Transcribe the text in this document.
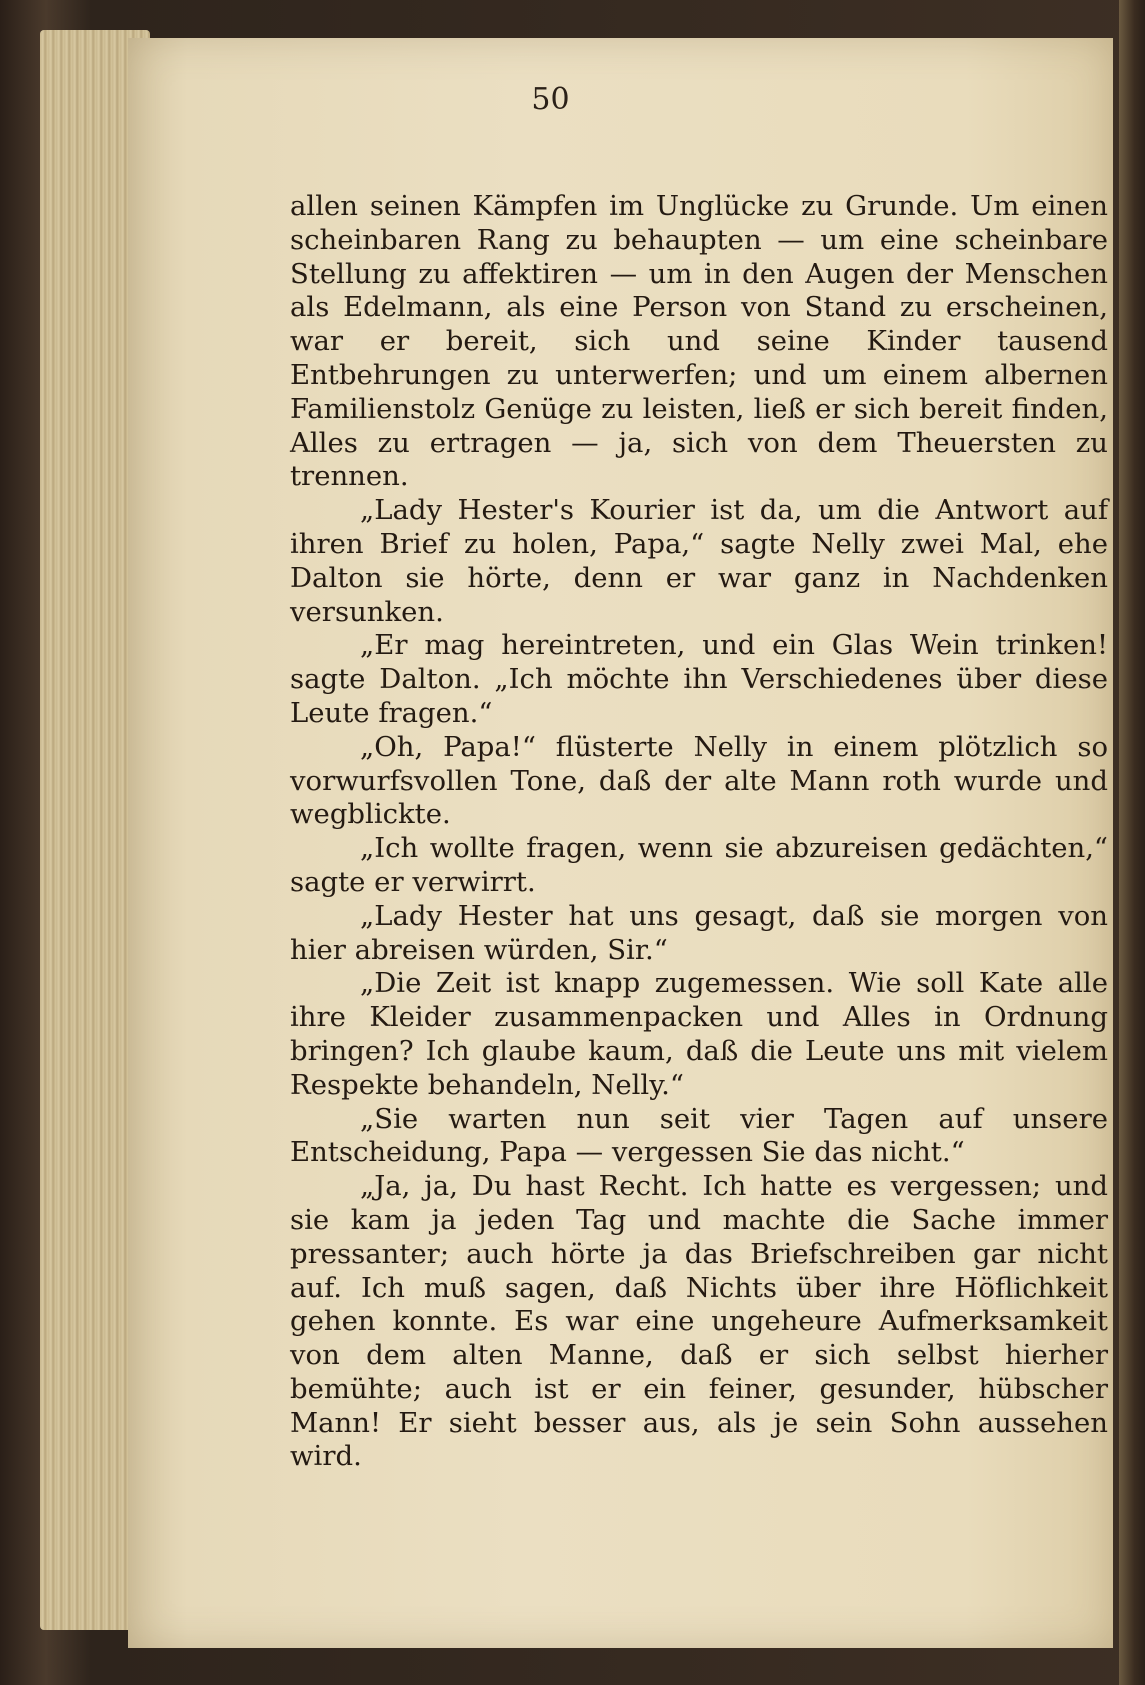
50

allen seinen Kämpfen im Unglücke zu Grunde. Um einen scheinbaren Rang zu behaupten — um eine scheinbare Stellung zu affektiren — um in den Augen der Menschen als Edelmann, als eine Person von Stand zu erscheinen, war er bereit, sich und seine Kinder tausend Entbehrungen zu unterwerfen; und um einem albernen Familienstolz Genüge zu leisten, ließ er sich bereit finden, Alles zu ertragen — ja, sich von dem Theuersten zu trennen.

„Lady Hester's Kourier ist da, um die Antwort auf ihren Brief zu holen, Papa,“ sagte Nelly zwei Mal, ehe Dalton sie hörte, denn er war ganz in Nachdenken versunken.

„Er mag hereintreten, und ein Glas Wein trinken! sagte Dalton. „Ich möchte ihn Verschiedenes über diese Leute fragen.“

„Oh, Papa!“ flüsterte Nelly in einem plötzlich so vorwurfsvollen Tone, daß der alte Mann roth wurde und wegblickte.

„Ich wollte fragen, wenn sie abzureisen gedächten,“ sagte er verwirrt.

„Lady Hester hat uns gesagt, daß sie morgen von hier abreisen würden, Sir.“

„Die Zeit ist knapp zugemessen. Wie soll Kate alle ihre Kleider zusammenpacken und Alles in Ordnung bringen? Ich glaube kaum, daß die Leute uns mit vielem Respekte behandeln, Nelly.“

„Sie warten nun seit vier Tagen auf unsere Entscheidung, Papa — vergessen Sie das nicht.“

„Ja, ja, Du hast Recht. Ich hatte es vergessen; und sie kam ja jeden Tag und machte die Sache immer pressanter; auch hörte ja das Briefschreiben gar nicht auf. Ich muß sagen, daß Nichts über ihre Höflichkeit gehen konnte. Es war eine ungeheure Aufmerksamkeit von dem alten Manne, daß er sich selbst hierher bemühte; auch ist er ein feiner, gesunder, hübscher Mann! Er sieht besser aus, als je sein Sohn aussehen wird.
